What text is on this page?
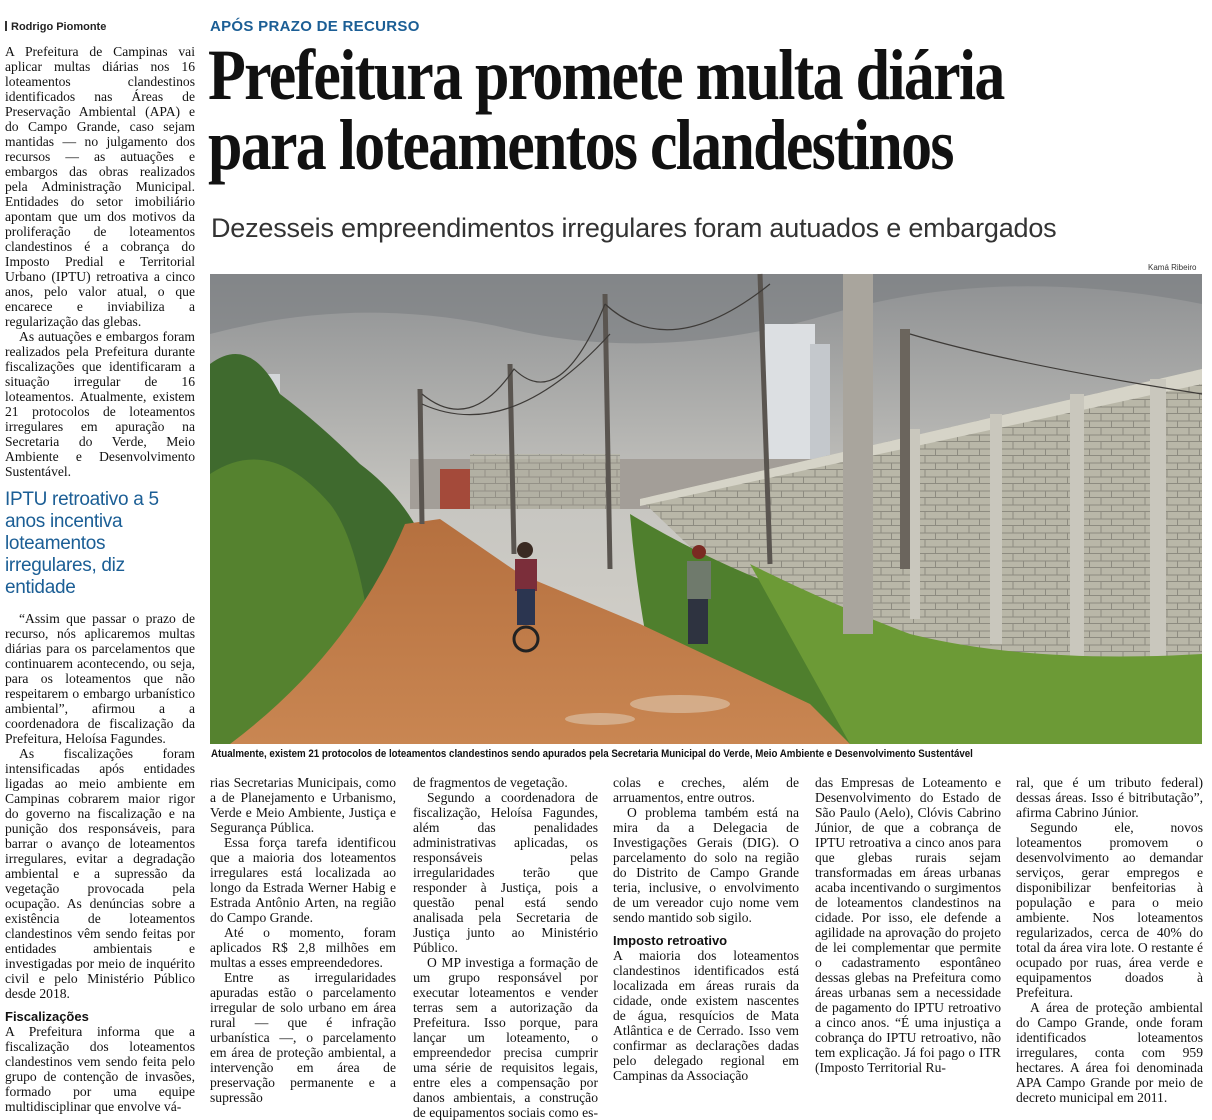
Rodrigo Piomonte	APÓS PRAZO DE RECURSO
Prefeitura promete multa diária
para loteamentos clandestinos
Dezesseis empreendimentos irregulares foram autuados e embargados
Kamá Ribeiro
Atualmente, existem 21 protocolos de loteamentos clandestinos sendo apurados pela Secretaria Municipal do Verde, Meio Ambiente e Desenvolvimento Sustentável

A Prefeitura de Campinas vai aplicar multas diárias nos 16 loteamentos clandestinos identificados nas Áreas de Preservação Ambiental (APA) e do Campo Grande, caso sejam mantidas — no julgamento dos recursos — as autuações e embargos das obras realizados pela Administração Municipal. Entidades do setor imobiliário apontam que um dos motivos da proliferação de loteamentos clandestinos é a cobrança do Imposto Predial e Territorial Urbano (IPTU) retroativa a cinco anos, pelo valor atual, o que encarece e inviabiliza a regularização das glebas.

As autuações e embargos foram realizados pela Prefeitura durante fiscalizações que identificaram a situação irregular de 16 loteamentos. Atualmente, existem 21 protocolos de loteamentos irregulares em apuração na Secretaria do Verde, Meio Ambiente e Desenvolvimento Sustentável.

IPTU retroativo a 5 anos incentiva loteamentos irregulares, diz entidade

“Assim que passar o prazo de recurso, nós aplicaremos multas diárias para os parcelamentos que continuarem acontecendo, ou seja, para os loteamentos que não respeitarem o embargo urbanístico ambiental”, afirmou a a coordenadora de fiscalização da Prefeitura, Heloísa Fagundes.

As fiscalizações foram intensificadas após entidades ligadas ao meio ambiente em Campinas cobrarem maior rigor do governo na fiscalização e na punição dos responsáveis, para barrar o avanço de loteamentos irregulares, evitar a degradação ambiental e a supressão da vegetação provocada pela ocupação. As denúncias sobre a existência de loteamentos clandestinos vêm sendo feitas por entidades ambientais e investigadas por meio de inquérito civil e pelo Ministério Público desde 2018.

Fiscalizações

A Prefeitura informa que a fiscalização dos loteamentos clandestinos vem sendo feita pelo grupo de contenção de invasões, formado por uma equipe multidisciplinar que envolve vá-

rias Secretarias Municipais, como a de Planejamento e Urbanismo, Verde e Meio Ambiente, Justiça e Segurança Pública.

Essa força tarefa identificou que a maioria dos loteamentos irregulares está localizada ao longo da Estrada Werner Habig e Estrada Antônio Arten, na região do Campo Grande.

Até o momento, foram aplicados R$ 2,8 milhões em multas a esses empreendedores.

Entre as irregularidades apuradas estão o parcelamento irregular de solo urbano em área rural — que é infração urbanística —, o parcelamento em área de proteção ambiental, a intervenção em área de preservação permanente e a supressão

de fragmentos de vegetação.

Segundo a coordenadora de fiscalização, Heloísa Fagundes, além das penalidades administrativas aplicadas, os responsáveis pelas irregularidades terão que responder à Justiça, pois a questão penal está sendo analisada pela Secretaria de Justiça junto ao Ministério Público.

O MP investiga a formação de um grupo responsável por executar loteamentos e vender terras sem a autorização da Prefeitura. Isso porque, para lançar um loteamento, o empreendedor precisa cumprir uma série de requisitos legais, entre eles a compensação por danos ambientais, a construção de equipamentos sociais como es-

colas e creches, além de arruamentos, entre outros.

O problema também está na mira da a Delegacia de Investigações Gerais (DIG). O parcelamento do solo na região do Distrito de Campo Grande teria, inclusive, o envolvimento de um vereador cujo nome vem sendo mantido sob sigilo.

Imposto retroativo

A maioria dos loteamentos clandestinos identificados está localizada em áreas rurais da cidade, onde existem nascentes de água, resquícios de Mata Atlântica e de Cerrado. Isso vem confirmar as declarações dadas pelo delegado regional em Campinas da Associação

das Empresas de Loteamento e Desenvolvimento do Estado de São Paulo (Aelo), Clóvis Cabrino Júnior, de que a cobrança de IPTU retroativa a cinco anos para que glebas rurais sejam transformadas em áreas urbanas acaba incentivando o surgimentos de loteamentos clandestinos na cidade. Por isso, ele defende a agilidade na aprovação do projeto de lei complementar que permite o cadastramento espontâneo dessas glebas na Prefeitura como áreas urbanas sem a necessidade de pagamento do IPTU retroativo a cinco anos. “É uma injustiça a cobrança do IPTU retroativo, não tem explicação. Já foi pago o ITR (Imposto Territorial Ru-

ral, que é um tributo federal) dessas áreas. Isso é bitributação”, afirma Cabrino Júnior.

Segundo ele, novos loteamentos promovem o desenvolvimento ao demandar serviços, gerar empregos e disponibilizar benfeitorias à população e para o meio ambiente. Nos loteamentos regularizados, cerca de 40% do total da área vira lote. O restante é ocupado por ruas, área verde e equipamentos doados à Prefeitura.

A área de proteção ambiental do Campo Grande, onde foram identificados loteamentos irregulares, conta com 959 hectares. A área foi denominada APA Campo Grande por meio de decreto municipal em 2011.
